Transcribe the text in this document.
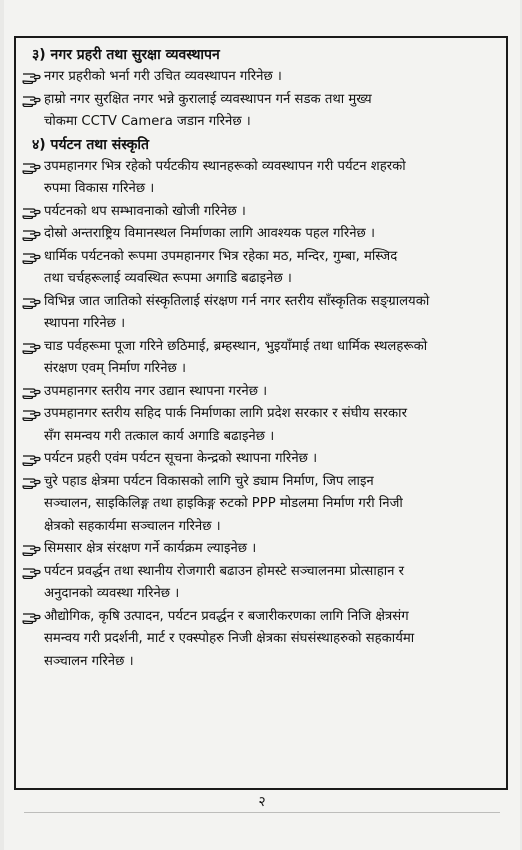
३) नगर प्रहरी तथा सुरक्षा व्यवस्थापन
नगर प्रहरीको भर्ना गरी उचित व्यवस्थापन गरिनेछ ।
हाम्रो नगर सुरक्षित नगर भन्ने कुरालाई व्यवस्थापन गर्न सडक तथा मुख्य
चोकमा CCTV Camera जडान गरिनेछ ।
४) पर्यटन तथा संस्कृति
उपमहानगर भित्र रहेको पर्यटकीय स्थानहरूको व्यवस्थापन गरी पर्यटन शहरको
रुपमा विकास गरिनेछ ।
पर्यटनको थप सम्भावनाको खोजी गरिनेछ ।
दोस्रो अन्तराष्ट्रिय विमानस्थल निर्माणका लागि आवश्यक पहल गरिनेछ ।
धार्मिक पर्यटनको रूपमा उपमहानगर भित्र रहेका मठ, मन्दिर, गुम्बा, मस्जिद
तथा चर्चहरूलाई व्यवस्थित रूपमा अगाडि बढाइनेछ ।
विभिन्न जात जातिको संस्कृतिलाई संरक्षण गर्न नगर स्तरीय साँस्कृतिक सङ्ग्रालयको
स्थापना गरिनेछ ।
चाड पर्वहरूमा पूजा गरिने छठिमाई, ब्रम्हस्थान, भुइयाँमाई तथा धार्मिक स्थलहरूको
संरक्षण एवम् निर्माण गरिनेछ ।
उपमहानगर स्तरीय नगर उद्यान स्थापना गरनेछ ।
उपमहानगर स्तरीय सहिद पार्क निर्माणका लागि प्रदेश सरकार र संघीय सरकार
सँग समन्वय गरी तत्काल कार्य अगाडि बढाइनेछ ।
पर्यटन प्रहरी एवंम पर्यटन सूचना केन्द्रको स्थापना गरिनेछ ।
चुरे पहाड क्षेत्रमा पर्यटन विकासको लागि चुरे ड्याम निर्माण, जिप लाइन
सञ्चालन, साइकिलिङ्ग तथा हाइकिङ्ग रुटको PPP मोडलमा निर्माण गरी निजी
क्षेत्रको सहकार्यमा सञ्चालन गरिनेछ ।
सिमसार क्षेत्र संरक्षण गर्ने कार्यक्रम ल्याइनेछ ।
पर्यटन प्रवर्द्धन तथा स्थानीय रोजगारी बढाउन होमस्टे सञ्चालनमा प्रोत्साहान र
अनुदानको व्यवस्था गरिनेछ ।
औद्योगिक, कृषि उत्पादन, पर्यटन प्रवर्द्धन र बजारीकरणका लागि निजि क्षेत्रसंग
समन्वय गरी प्रदर्शनी, मार्ट र एक्स्पोहरु निजी क्षेत्रका संघसंस्थाहरुको सहकार्यमा
सञ्चालन गरिनेछ ।
२
